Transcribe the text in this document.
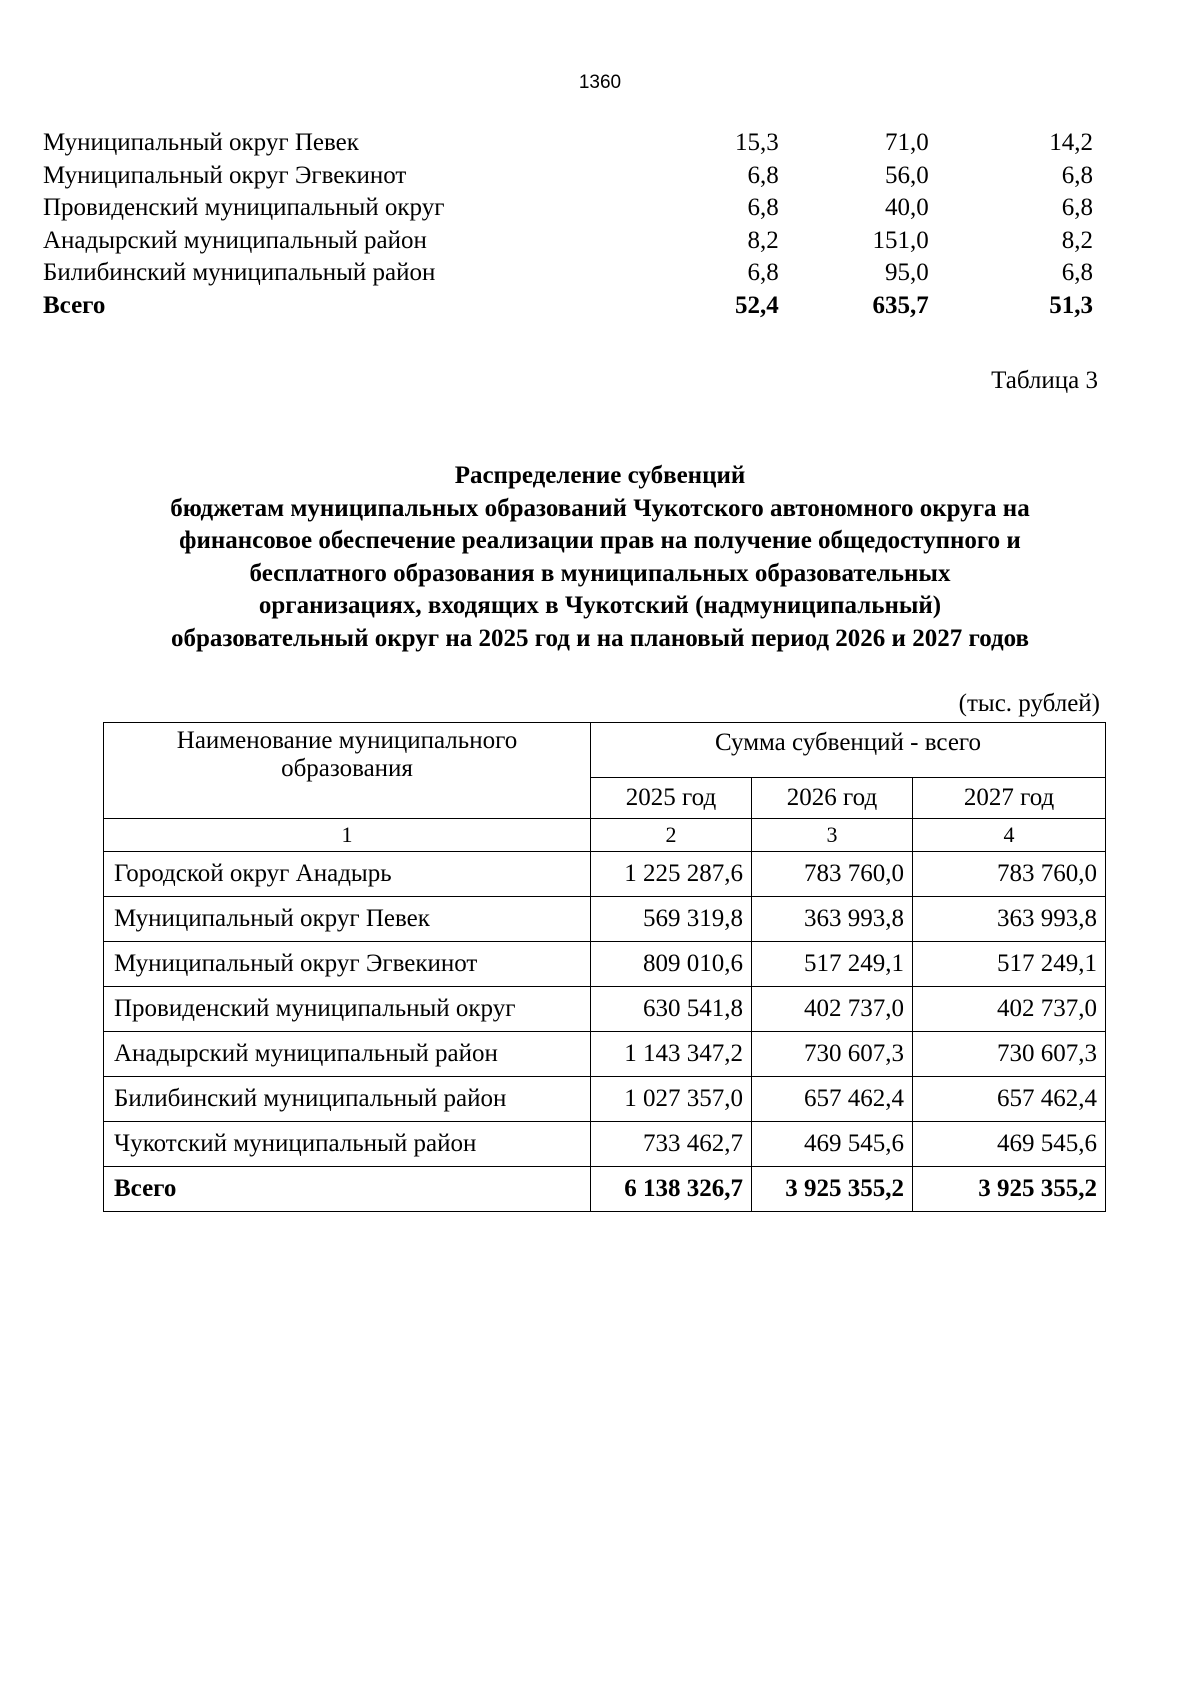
1360
Муниципальный округ Певек	15,3	71,0	14,2
Муниципальный округ Эгвекинот	6,8	56,0	6,8
Провиденский муниципальный округ	6,8	40,0	6,8
Анадырский муниципальный район	8,2	151,0	8,2
Билибинский муниципальный район	6,8	95,0	6,8
Всего	52,4	635,7	51,3
Таблица 3
Распределение субвенций
бюджетам муниципальных образований Чукотского автономного округа на
финансовое обеспечение реализации прав на получение общедоступного и
бесплатного образования в муниципальных образовательных
организациях, входящих в Чукотский (надмуниципальный)
образовательный округ на 2025 год и на плановый период 2026 и 2027 годов
(тыс. рублей)
Наименование муниципального образования	Сумма субвенций - всего		
	2025 год	2026 год	2027 год
1	2	3	4
Городской округ Анадырь	1 225 287,6	783 760,0	783 760,0
Муниципальный округ Певек	569 319,8	363 993,8	363 993,8
Муниципальный округ Эгвекинот	809 010,6	517 249,1	517 249,1
Провиденский муниципальный округ	630 541,8	402 737,0	402 737,0
Анадырский муниципальный район	1 143 347,2	730 607,3	730 607,3
Билибинский муниципальный район	1 027 357,0	657 462,4	657 462,4
Чукотский муниципальный район	733 462,7	469 545,6	469 545,6
Всего	6 138 326,7	3 925 355,2	3 925 355,2
